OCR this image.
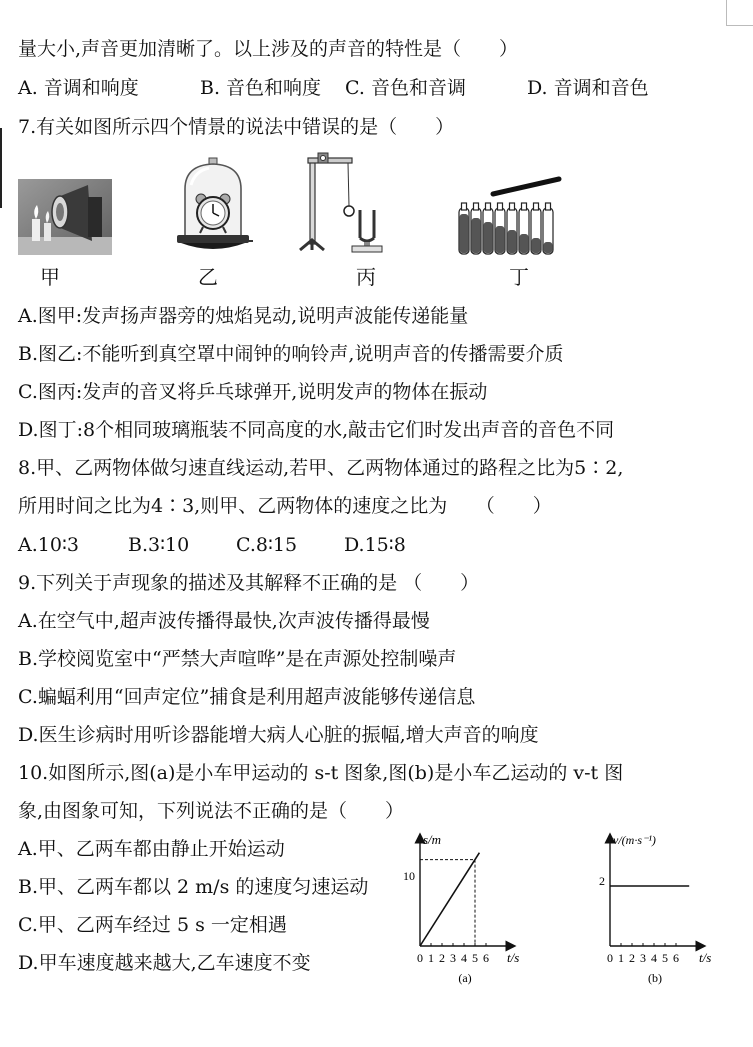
量大小,声音更加清晰了。以上涉及的声音的特性是（　　）
A. 音调和响度	B. 音色和响度 C. 音色和音调	D. 音调和音色
7.有关如图所示四个情景的说法中错误的是（　　）
甲	乙	丙	丁
A.图甲:发声扬声器旁的烛焰晃动,说明声波能传递能量
B.图乙:不能听到真空罩中闹钟的响铃声,说明声音的传播需要介质
C.图丙:发声的音叉将乒乓球弹开,说明发声的物体在振动
D.图丁:8个相同玻璃瓶装不同高度的水,敲击它们时发出声音的音色不同
8.甲、乙两物体做匀速直线运动,若甲、乙两物体通过的路程之比为5∶2,
所用时间之比为4∶3,则甲、乙两物体的速度之比为　　（　　）
A.10∶3	B.3∶10 C.8∶15 D.15∶8
9.下列关于声现象的描述及其解释不正确的是 （　　）
A.在空气中,超声波传播得最快,次声波传播得最慢
B.学校阅览室中“严禁大声喧哗”是在声源处控制噪声
C.蝙蝠利用“回声定位”捕食是利用超声波能够传递信息
D.医生诊病时用听诊器能增大病人心脏的振幅,增大声音的响度
10.如图所示,图(a)是小车甲运动的 s-t 图象,图(b)是小车乙运动的 v-t 图
象,由图象可知，下列说法不正确的是（　　）
A.甲、乙两车都由静止开始运动
B.甲、乙两车都以 2 m/s 的速度匀速运动
C.甲、乙两车经过 5 s 一定相遇
D.甲车速度越来越大,乙车速度不变
s/m
t/s
10
0 1 2 3 4 5 6
(a)
v/(m·s⁻¹)
t/s
2
0 1 2 3 4 5 6
(b)
